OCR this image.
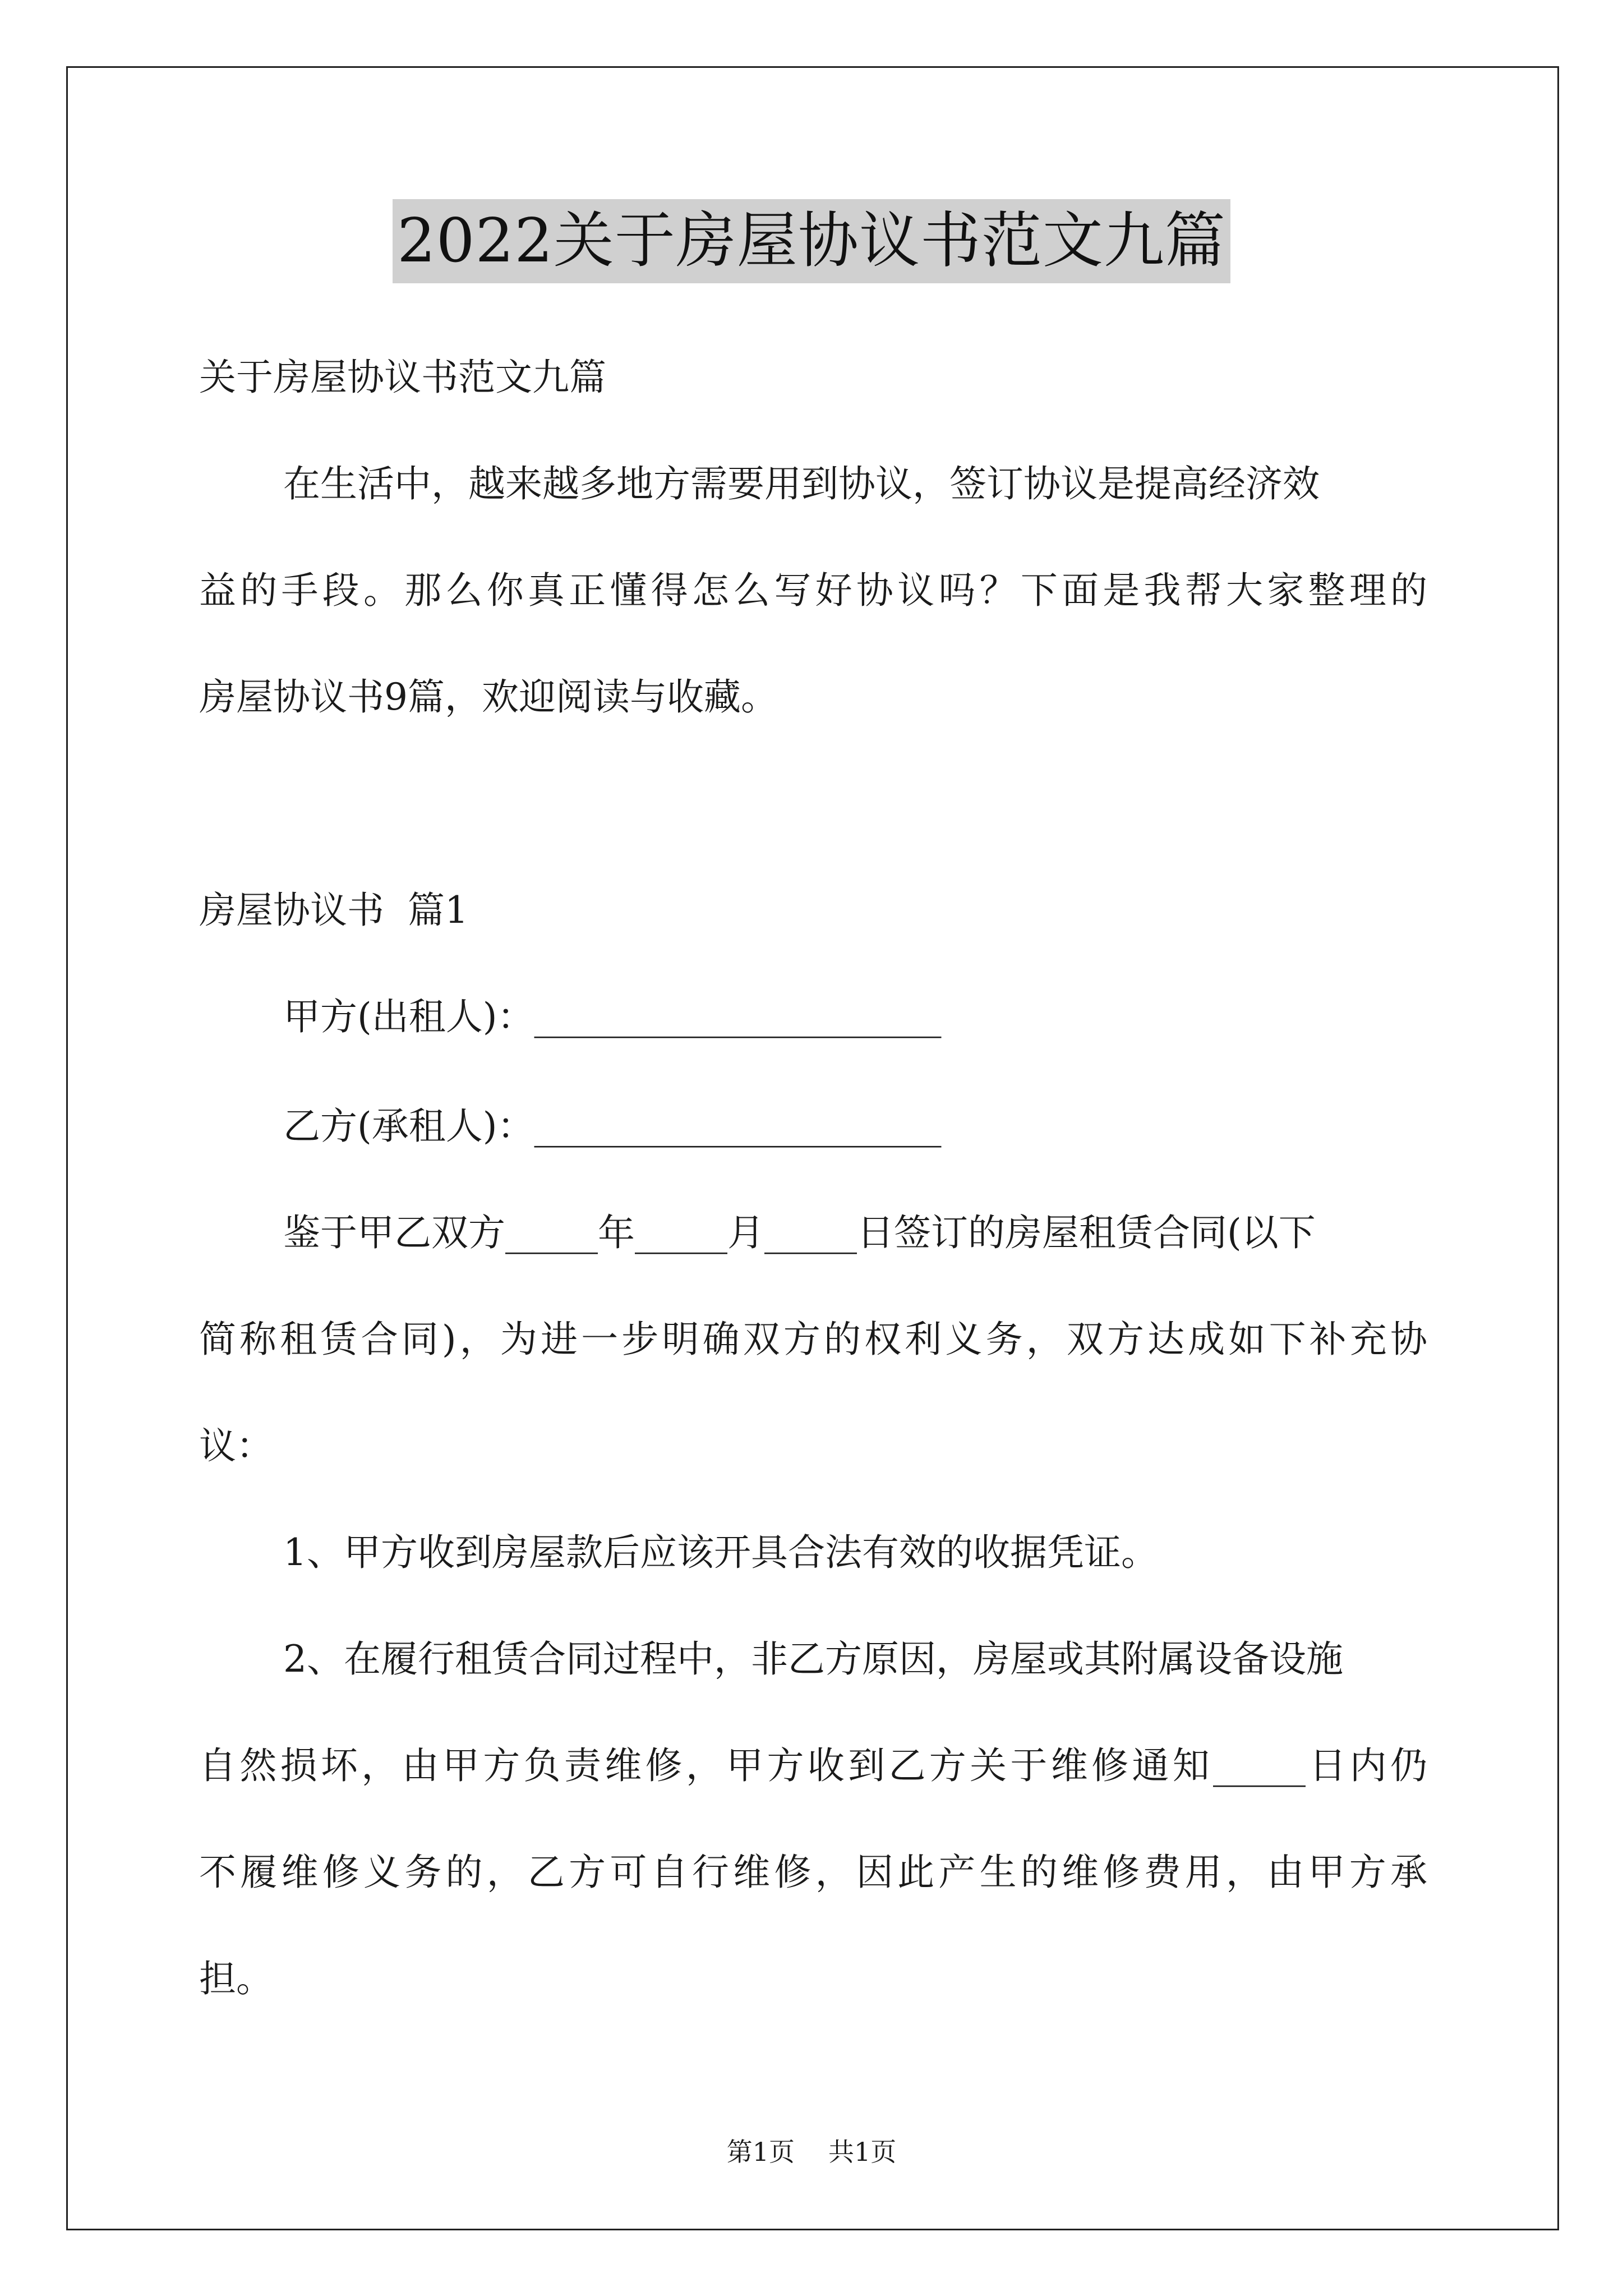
2022关于房屋协议书范文九篇
关于房屋协议书范文九篇
在生活中，越来越多地方需要用到协议，签订协议是提高经济效
益的手段。那么你真正懂得怎么写好协议吗？下面是我帮大家整理的
房屋协议书9篇，欢迎阅读与收藏。
房屋协议书  篇1
甲方(出租人)：______________________
乙方(承租人)：______________________
鉴于甲乙双方_____年_____月_____日签订的房屋租赁合同(以下
简称租赁合同)，为进一步明确双方的权利义务，双方达成如下补充协
议：
1、甲方收到房屋款后应该开具合法有效的收据凭证。
2、在履行租赁合同过程中，非乙方原因，房屋或其附属设备设施
自然损坏，由甲方负责维修，甲方收到乙方关于维修通知_____日内仍
不履维修义务的，乙方可自行维修，因此产生的维修费用，由甲方承
担。
第1页 共1页
